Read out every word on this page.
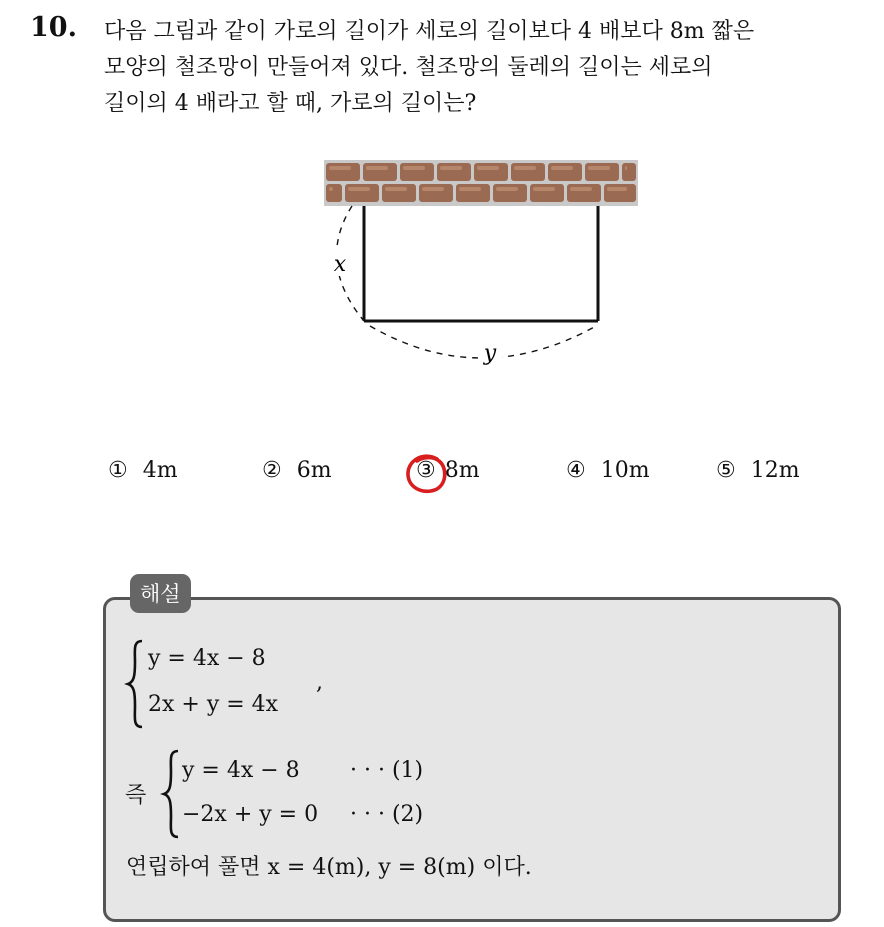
10. 다음 그림과 같이 가로의 길이가 세로의 길이보다 4 배보다 8m 짧은
모양의 철조망이 만들어져 있다. 철조망의 둘레의 길이는 세로의
길이의 4 배라고 할 때, 가로의 길이는?
x
y
① 4m	② 6m	③ 8m	④ 10m	⑤ 12m
해설
y = 4x − 8
2x + y = 4x
,
즉
y = 4x − 8 · · · (1)
−2x + y = 0 · · · (2)
연립하여 풀면 x = 4(m), y = 8(m) 이다.
